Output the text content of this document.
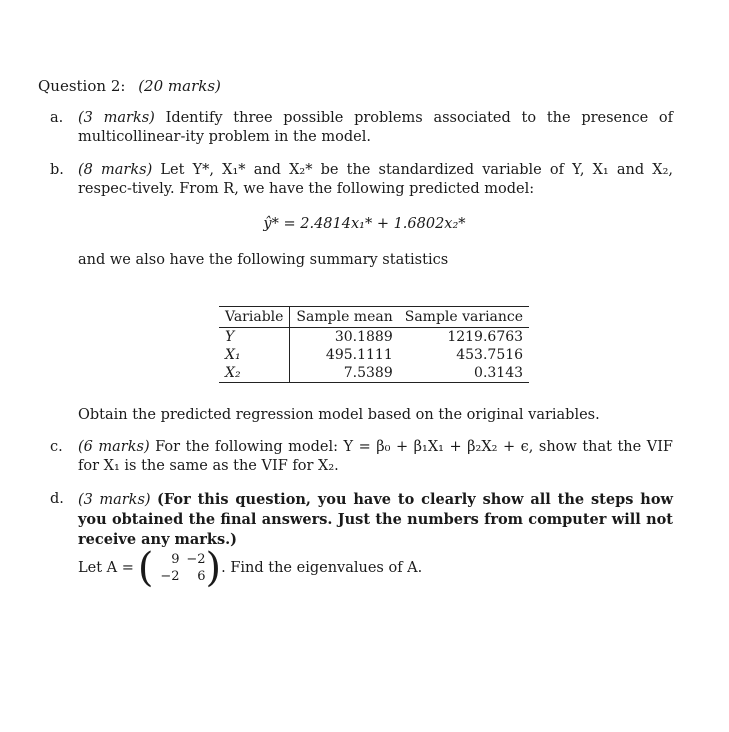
Question 2: (20 marks)
a.	(3 marks) Identify three possible problems associated to the presence of multicollinear-ity problem in the model.
b. (8 marks) Let Y*, X₁* and X₂* be the standardized variable of Y, X₁ and X₂, respec-tively. From R, we have the following predicted model:
ŷ* = 2.4814x₁* + 1.6802x₂*
and we also have the following summary statistics
Variable	Sample mean	Sample variance
Y	30.1889	1219.6763
X₁	495.1111	453.7516
X₂	7.5389	0.3143
Obtain the predicted regression model based on the original variables.
c.	(6 marks) For the following model: Y = β₀ + β₁X₁ + β₂X₂ + ϵ, show that the VIF for X₁ is the same as the VIF for X₂.
d. (3 marks) (For this question, you have to clearly show all the steps how you obtained the final answers. Just the numbers from computer will not receive any marks.)
Let A = (	9 −2
−2	6 ) . Find the eigenvalues of A.
